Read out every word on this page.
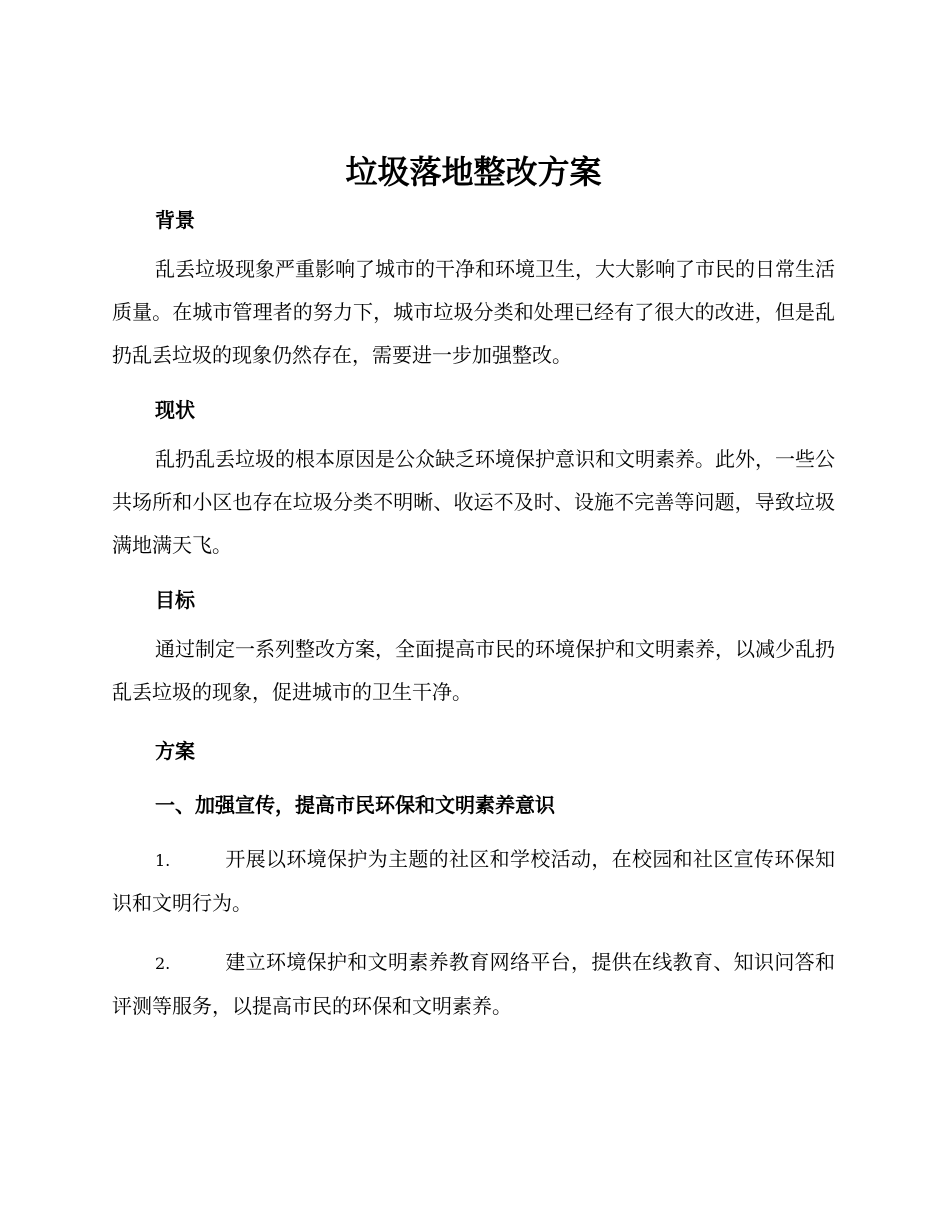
垃圾落地整改方案
背景

乱丢垃圾现象严重影响了城市的干净和环境卫生，大大影响了市民的日常生活质量。在城市管理者的努力下，城市垃圾分类和处理已经有了很大的改进，但是乱扔乱丢垃圾的现象仍然存在，需要进一步加强整改。

现状

乱扔乱丢垃圾的根本原因是公众缺乏环境保护意识和文明素养。此外，一些公共场所和小区也存在垃圾分类不明晰、收运不及时、设施不完善等问题，导致垃圾满地满天飞。

目标

通过制定一系列整改方案，全面提高市民的环境保护和文明素养，以减少乱扔乱丢垃圾的现象，促进城市的卫生干净。

方案
一、加强宣传，提高市民环保和文明素养意识

1.	开展以环境保护为主题的社区和学校活动，在校园和社区宣传环保知识和文明行为。

2.	建立环境保护和文明素养教育网络平台，提供在线教育、知识问答和评测等服务，以提高市民的环保和文明素养。
